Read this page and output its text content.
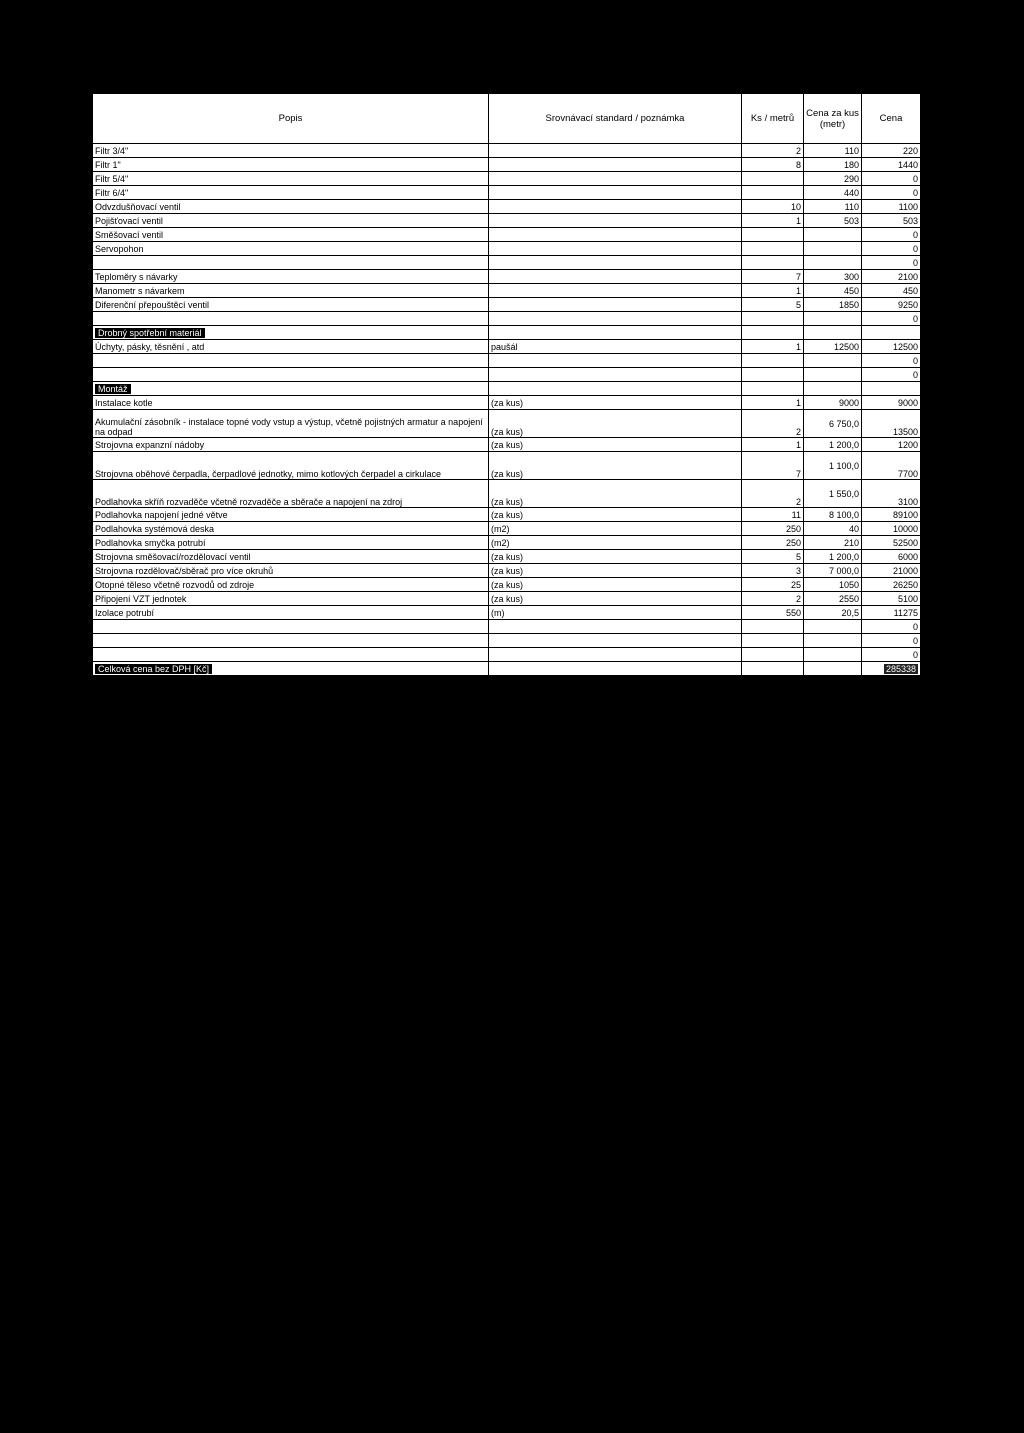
Popis	Srovnávací standard / poznámka	Ks / metrů	Cena za kus (metr)	Cena
Filtr 3/4"		2	110	220
Filtr 1"		8	180	1440
Filtr 5/4"			290	0
Filtr 6/4"			440	0
Odvzdušňovací ventil		10	110	1100
Pojišťovací ventil		1	503	503
Směšovací ventil				0
Servopohon				0
				0
Teploměry s návarky		7	300	2100
Manometr s návarkem		1	450	450
Diferenční přepouštěcí ventil		5	1850	9250
				0
Drobný spotřební materiál				
Úchyty, pásky, těsnění , atd	paušál	1	12500	12500
				0
				0
Montáž				
Instalace kotle	(za kus)	1	9000	9000
Akumulační zásobník - instalace topné vody vstup a výstup, včetně pojistných armatur a napojení na odpad	(za kus)	2	6 750,0	13500
Strojovna expanzní nádoby	(za kus)	1	1 200,0	1200
Strojovna oběhové čerpadla, čerpadlové jednotky, mimo kotlových čerpadel a cirkulace	(za kus)	7	1 100,0	7700
Podlahovka skříň rozvaděče včetně rozvaděče a sběrače a napojení na zdroj	(za kus)	2	1 550,0	3100
Podlahovka napojení jedné větve	(za kus)	11	8 100,0	89100
Podlahovka systémová deska	(m2)	250	40	10000
Podlahovka smyčka potrubí	(m2)	250	210	52500
Strojovna směšovací/rozdělovací ventil	(za kus)	5	1 200,0	6000
Strojovna rozdělovač/sběrač pro více okruhů	(za kus)	3	7 000,0	21000
Otopné těleso včetně rozvodů od zdroje	(za kus)	25	1050	26250
Připojení VZT jednotek	(za kus)	2	2550	5100
Izolace potrubí	(m)	550	20,5	11275
				0
				0
				0
Celková cena bez DPH [Kč]				285338
